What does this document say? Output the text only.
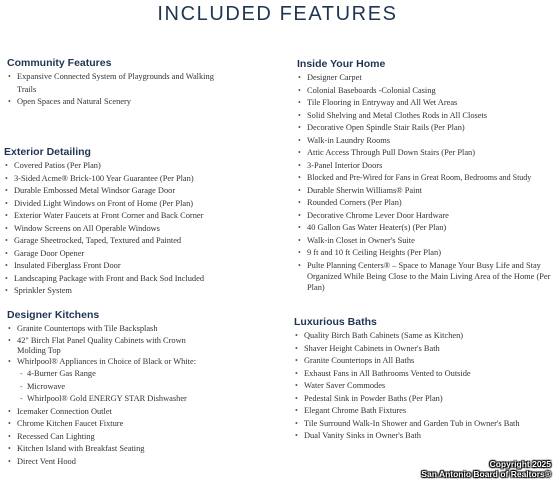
INCLUDED FEATURES
Community Features
• Expansive Connected System of Playgrounds and Walking Trails
• Open Spaces and Natural Scenery
Exterior Detailing
• Covered Patios (Per Plan)
• 3-Sided Acme® Brick-100 Year Guarantee (Per Plan)
• Durable Embossed Metal Windsor Garage Door
• Divided Light Windows on Front of Home (Per Plan)
• Exterior Water Faucets at Front Corner and Back Corner
• Window Screens on All Operable Windows
• Garage Sheetrocked, Taped, Textured and Painted
• Garage Door Opener
• Insulated Fiberglass Front Door
• Landscaping Package with Front and Back Sod Included
• Sprinkler System
Designer Kitchens
• Granite Countertops with Tile Backsplash
• 42" Birch Flat Panel Quality Cabinets with Crown Molding Top
• Whirlpool® Appliances in Choice of Black or White:
- 4-Burner Gas Range
- Microwave
- Whirlpool® Gold ENERGY STAR Dishwasher
• Icemaker Connection Outlet
• Chrome Kitchen Faucet Fixture
• Recessed Can Lighting
• Kitchen Island with Breakfast Seating
• Direct Vent Hood
Inside Your Home
• Designer Carpet
• Colonial Baseboards -Colonial Casing
• Tile Flooring in Entryway and All Wet Areas
• Solid Shelving and Metal Clothes Rods in All Closets
• Decorative Open Spindle Stair Rails (Per Plan)
• Walk-in Laundry Rooms
• Attic Access Through Pull Down Stairs (Per Plan)
• 3-Panel Interior Doors
• Blocked and Pre-Wired for Fans in Great Room, Bedrooms and Study
• Durable Sherwin Williams® Paint
• Rounded Corners (Per Plan)
• Decorative Chrome Lever Door Hardware
• 40 Gallon Gas Water Heater(s) (Per Plan)
• Walk-in Closet in Owner's Suite
• 9 ft and 10 ft Ceiling Heights (Per Plan)
• Pulte Planning Centers® – Space to Manage Your Busy Life and Stay Organized While Being Close to the Main Living Area of the Home (Per Plan)
Luxurious Baths
• Quality Birch Bath Cabinets (Same as Kitchen)
• Shaver Height Cabinets in Owner's Bath
• Granite Countertops in All Baths
• Exhaust Fans in All Bathrooms Vented to Outside
• Water Saver Commodes
• Pedestal Sink in Powder Baths (Per Plan)
• Elegant Chrome Bath Fixtures
• Tile Surround Walk-In Shower and Garden Tub in Owner's Bath
• Dual Vanity Sinks in Owner's Bath
Copyright 2025
San Antonio Board of Realtors®
